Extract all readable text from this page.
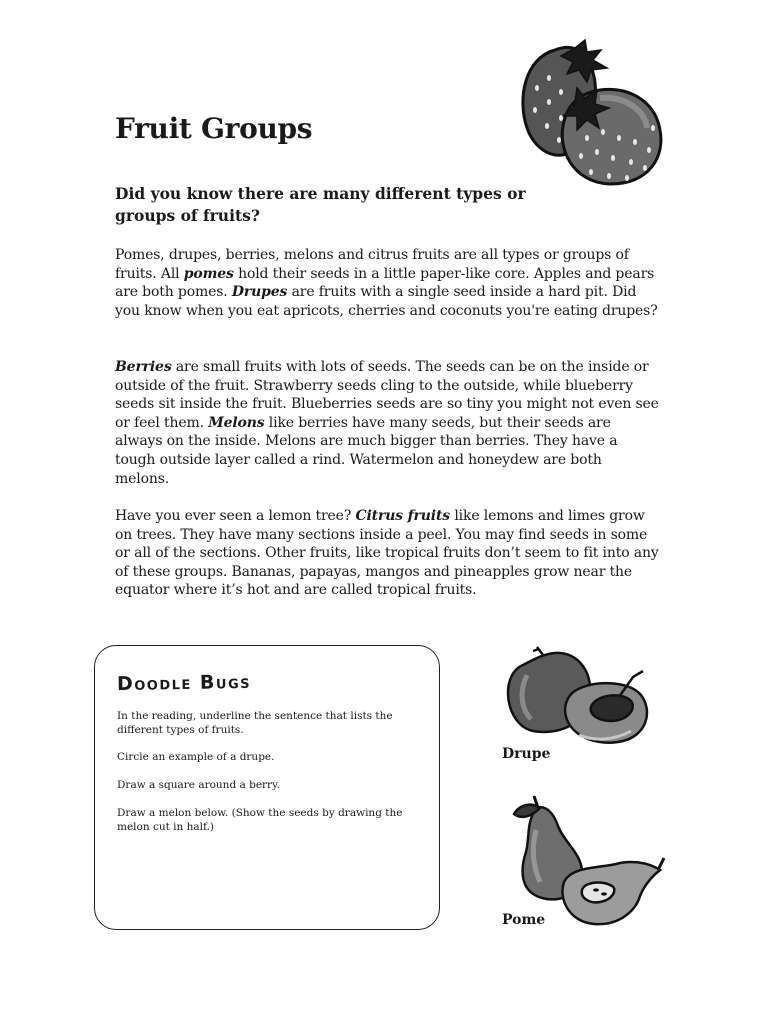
Fruit Groups
Did you know there are many different types or groups of fruits?

Pomes, drupes, berries, melons and citrus fruits are all types or groups of fruits. All pomes hold their seeds in a little paper-like core. Apples and pears are both pomes. Drupes are fruits with a single seed inside a hard pit. Did you know when you eat apricots, cherries and coconuts you're eating drupes?

Berries are small fruits with lots of seeds. The seeds can be on the inside or outside of the fruit. Strawberry seeds cling to the outside, while blueberry seeds sit inside the fruit. Blueberries seeds are so tiny you might not even see or feel them. Melons like berries have many seeds, but their seeds are always on the inside. Melons are much bigger than berries. They have a tough outside layer called a rind. Watermelon and honeydew are both melons.

Have you ever seen a lemon tree? Citrus fruits like lemons and limes grow on trees. They have many sections inside a peel. You may find seeds in some or all of the sections. Other fruits, like tropical fruits don’t seem to fit into any of these groups. Bananas, papayas, mangos and pineapples grow near the equator where it’s hot and are called tropical fruits.

Doodle Bugs

In the reading, underline the sentence that lists the different types of fruits.

Circle an example of a drupe.

Draw a square around a berry.

Draw a melon below. (Show the seeds by drawing the melon cut in half.)

Drupe
Pome
